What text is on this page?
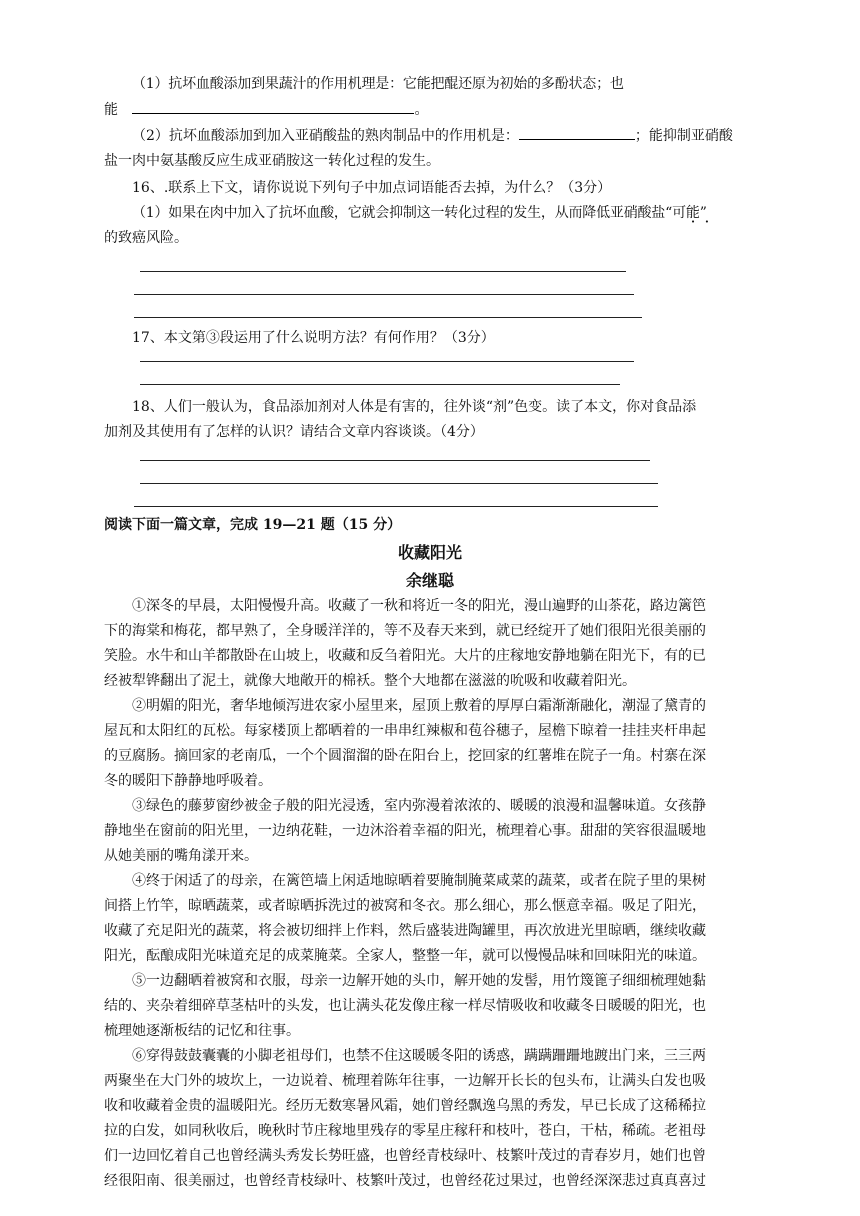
（1）抗坏血酸添加到果蔬汁的作用机理是：它能把醌还原为初始的多酚状态；也

能	。

（2）抗坏血酸添加到加入亚硝酸盐的熟肉制品中的作用机是：	；能抑制亚硝酸

盐一肉中氨基酸反应生成亚硝胺这一转化过程的发生。

16、.联系上下文，请你说说下列句子中加点词语能否去掉，为什么？（3分）

（1）如果在肉中加入了抗坏血酸，它就会抑制这一转化过程的发生，从而降低亚硝酸盐“可能”

的致癌风险。

17、本文第③段运用了什么说明方法？有何作用？（3分）

18、人们一般认为，食品添加剂对人体是有害的，往外谈“剂”色变。读了本文，你对食品添

加剂及其使用有了怎样的认识？请结合文章内容谈谈。（4分）

阅读下面一篇文章，完成 19—21 题（15 分）

收藏阳光

余继聪

①深冬的早晨，太阳慢慢升高。收藏了一秋和将近一冬的阳光，漫山遍野的山茶花，路边篱笆

下的海棠和梅花，都早熟了，全身暖洋洋的，等不及春天来到，就已经绽开了她们很阳光很美丽的

笑脸。水牛和山羊都散卧在山坡上，收藏和反刍着阳光。大片的庄稼地安静地躺在阳光下，有的已

经被犁铧翻出了泥土，就像大地敞开的棉袄。整个大地都在滋滋的吮吸和收藏着阳光。

②明媚的阳光，奢华地倾泻进农家小屋里来，屋顶上敷着的厚厚白霜渐渐融化，潮湿了黛青的

屋瓦和太阳红的瓦松。每家楼顶上都晒着的一串串红辣椒和苞谷穗子，屋檐下晾着一挂挂夹杆串起

的豆腐肠。摘回家的老南瓜，一个个圆溜溜的卧在阳台上，挖回家的红薯堆在院子一角。村寨在深

冬的暖阳下静静地呼吸着。

③绿色的藤萝窗纱被金子般的阳光浸透，室内弥漫着浓浓的、暖暖的浪漫和温馨味道。女孩静

静地坐在窗前的阳光里，一边纳花鞋，一边沐浴着幸福的阳光，梳理着心事。甜甜的笑容很温暖地

从她美丽的嘴角漾开来。

④终于闲适了的母亲，在篱笆墙上闲适地晾晒着要腌制腌菜咸菜的蔬菜，或者在院子里的果树

间搭上竹竿，晾晒蔬菜，或者晾晒拆洗过的被窝和冬衣。那么细心，那么惬意幸福。吸足了阳光，

收藏了充足阳光的蔬菜，将会被切细拌上作料，然后盛装进陶罐里，再次放进光里晾晒，继续收藏

阳光，酝酿成阳光味道充足的成菜腌菜。全家人，整整一年，就可以慢慢品味和回味阳光的味道。

⑤一边翻晒着被窝和衣服，母亲一边解开她的头巾，解开她的发髻，用竹篾篦子细细梳理她黏

结的、夹杂着细碎草茎枯叶的头发，也让满头花发像庄稼一样尽情吸收和收藏冬日暖暖的阳光，也

梳理她逐渐板结的记忆和往事。

⑥穿得鼓鼓囊囊的小脚老祖母们，也禁不住这暖暖冬阳的诱惑，蹒蹒跚跚地踱出门来，三三两

两聚坐在大门外的坡坎上，一边说着、梳理着陈年往事，一边解开长长的包头布，让满头白发也吸

收和收藏着金贵的温暖阳光。经历无数寒暑风霜，她们曾经飘逸乌黑的秀发，早已长成了这稀稀拉

拉的白发，如同秋收后，晚秋时节庄稼地里残存的零星庄稼秆和枝叶，苍白，干枯，稀疏。老祖母

们一边回忆着自己也曾经满头秀发长势旺盛，也曾经青枝绿叶、枝繁叶茂过的青春岁月，她们也曾

经很阳南、很美丽过，也曾经青枝绿叶、枝繁叶茂过，也曾经花过果过，也曾经深深悲过真真喜过
